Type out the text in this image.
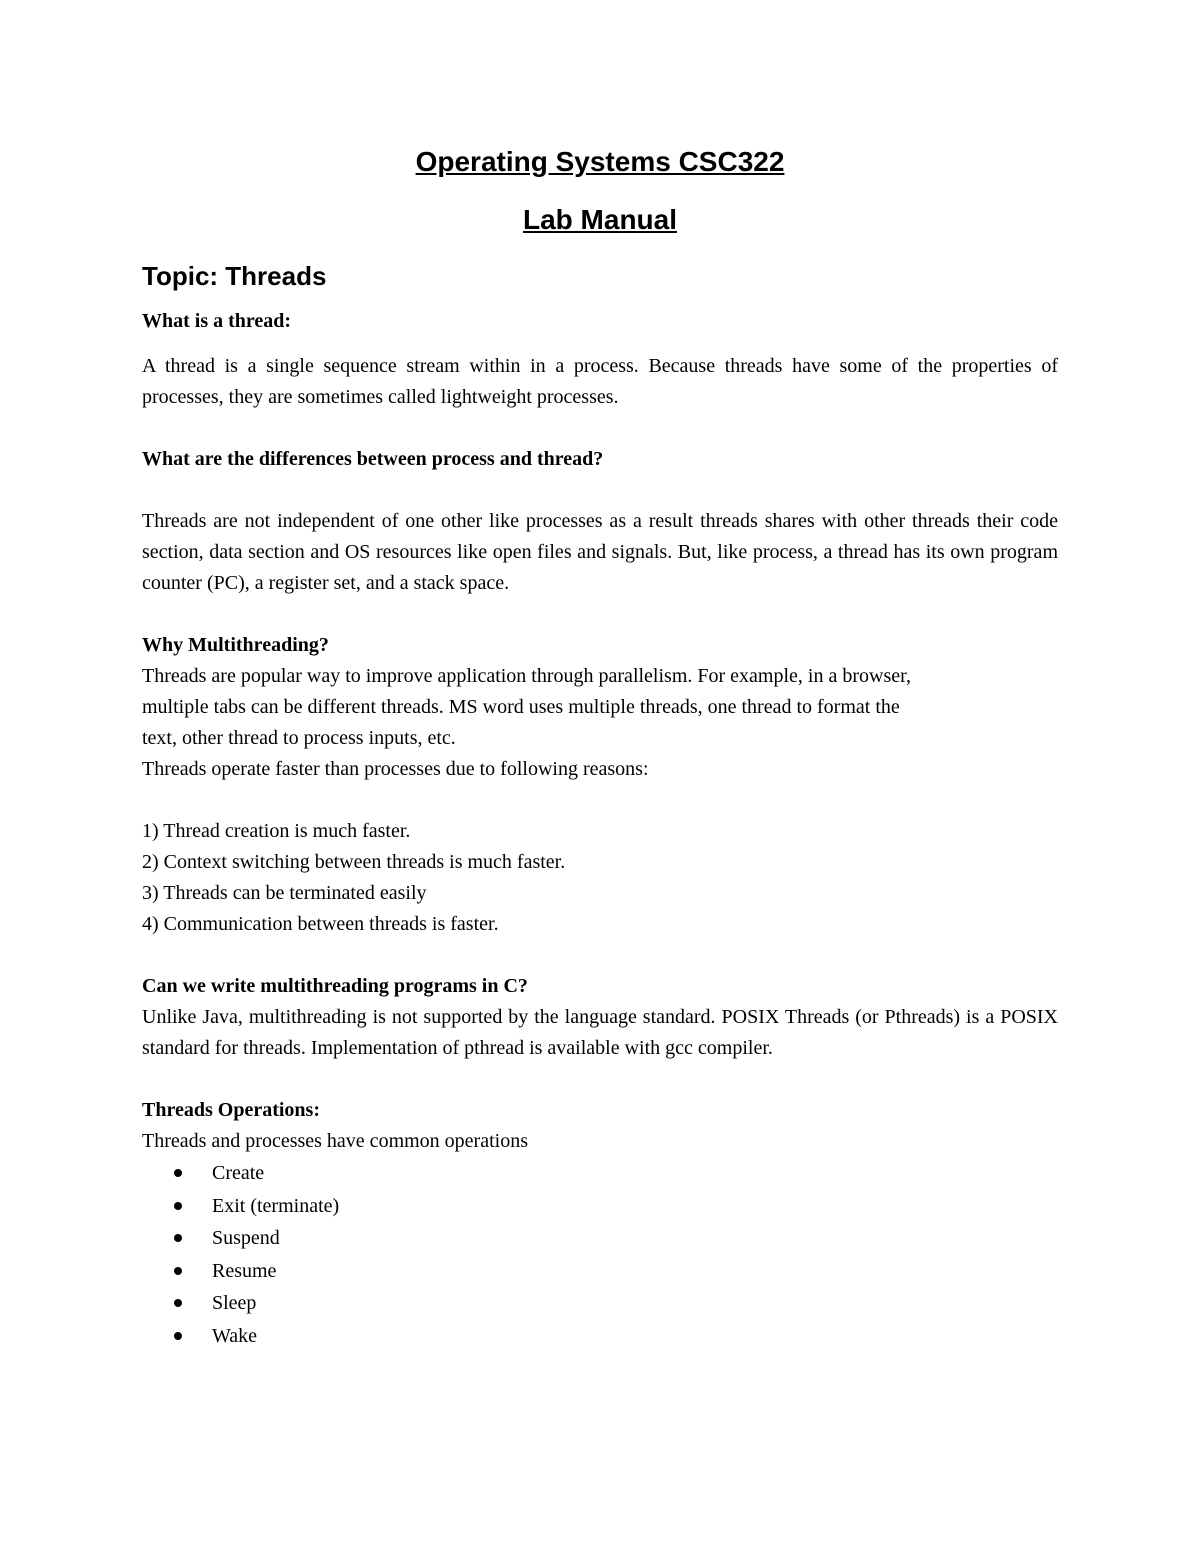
Operating Systems CSC322
Lab Manual
Topic: Threads

What is a thread:

A thread is a single sequence stream within in a process. Because threads have some of the properties of processes, they are sometimes called lightweight processes.

What are the differences between process and thread?

Threads are not independent of one other like processes as a result threads shares with other threads their code section, data section and OS resources like open files and signals. But, like process, a thread has its own program counter (PC), a register set, and a stack space.

Why Multithreading?

Threads are popular way to improve application through parallelism. For example, in a browser,

multiple tabs can be different threads. MS word uses multiple threads, one thread to format the

text, other thread to process inputs, etc.

Threads operate faster than processes due to following reasons:

1) Thread creation is much faster.

2) Context switching between threads is much faster.

3) Threads can be terminated easily

4) Communication between threads is faster.

Can we write multithreading programs in C?

Unlike Java, multithreading is not supported by the language standard. POSIX Threads (or Pthreads) is a POSIX standard for threads. Implementation of pthread is available with gcc compiler.

Threads Operations:

Threads and processes have common operations

Create
Exit (terminate)
Suspend
Resume
Sleep
Wake
